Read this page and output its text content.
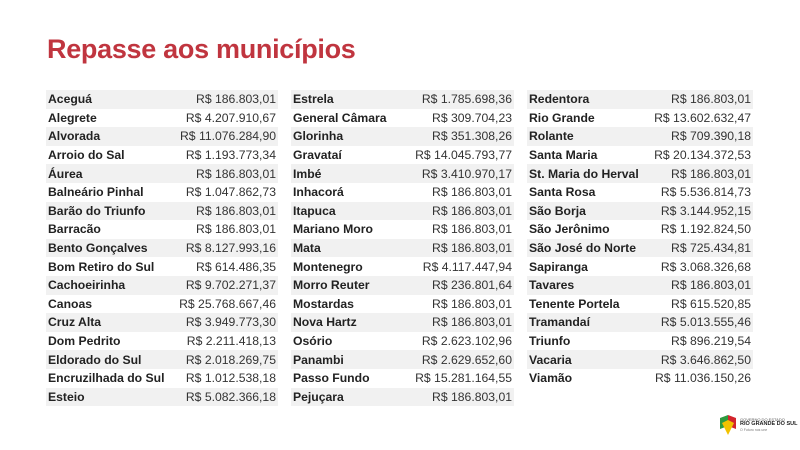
Repasse aos municípios
Aceguá	R$ 186.803,01
Alegrete	R$ 4.207.910,67
Alvorada	R$ 11.076.284,90
Arroio do Sal	R$ 1.193.773,34
Áurea	R$ 186.803,01
Balneário Pinhal	R$ 1.047.862,73
Barão do Triunfo	R$ 186.803,01
Barracão	R$ 186.803,01
Bento Gonçalves	R$ 8.127.993,16
Bom Retiro do Sul	R$ 614.486,35
Cachoeirinha	R$ 9.702.271,37
Canoas	R$ 25.768.667,46
Cruz Alta	R$ 3.949.773,30
Dom Pedrito	R$ 2.211.418,13
Eldorado do Sul	R$ 2.018.269,75
Encruzilhada do Sul R$ 1.012.538,18
Esteio	R$ 5.082.366,18
Estrela	R$ 1.785.698,36
General Câmara	R$ 309.704,23
Glorinha	R$ 351.308,26
Gravataí	R$ 14.045.793,77
Imbé	R$ 3.410.970,17
Inhacorá	R$ 186.803,01
Itapuca	R$ 186.803,01
Mariano Moro	R$ 186.803,01
Mata	R$ 186.803,01
Montenegro	R$ 4.117.447,94
Morro Reuter	R$ 236.801,64
Mostardas	R$ 186.803,01
Nova Hartz	R$ 186.803,01
Osório	R$ 2.623.102,96
Panambi	R$ 2.629.652,60
Passo Fundo	R$ 15.281.164,55
Pejuçara	R$ 186.803,01
Redentora	R$ 186.803,01
Rio Grande	R$ 13.602.632,47
Rolante	R$ 709.390,18
Santa Maria	R$ 20.134.372,53
St. Maria do Herval	R$ 186.803,01
Santa Rosa	R$ 5.536.814,73
São Borja	R$ 3.144.952,15
São Jerônimo	R$ 1.192.824,50
São José do Norte	R$ 725.434,81
Sapiranga	R$ 3.068.326,68
Tavares	R$ 186.803,01
Tenente Portela	R$ 615.520,85
Tramandaí	R$ 5.013.555,46
Triunfo	R$ 896.219,54
Vacaria	R$ 3.646.862,50
Viamão	R$ 11.036.150,26
GOVERNO DO ESTADO
RIO GRANDE DO SUL
O Futuro nos une
